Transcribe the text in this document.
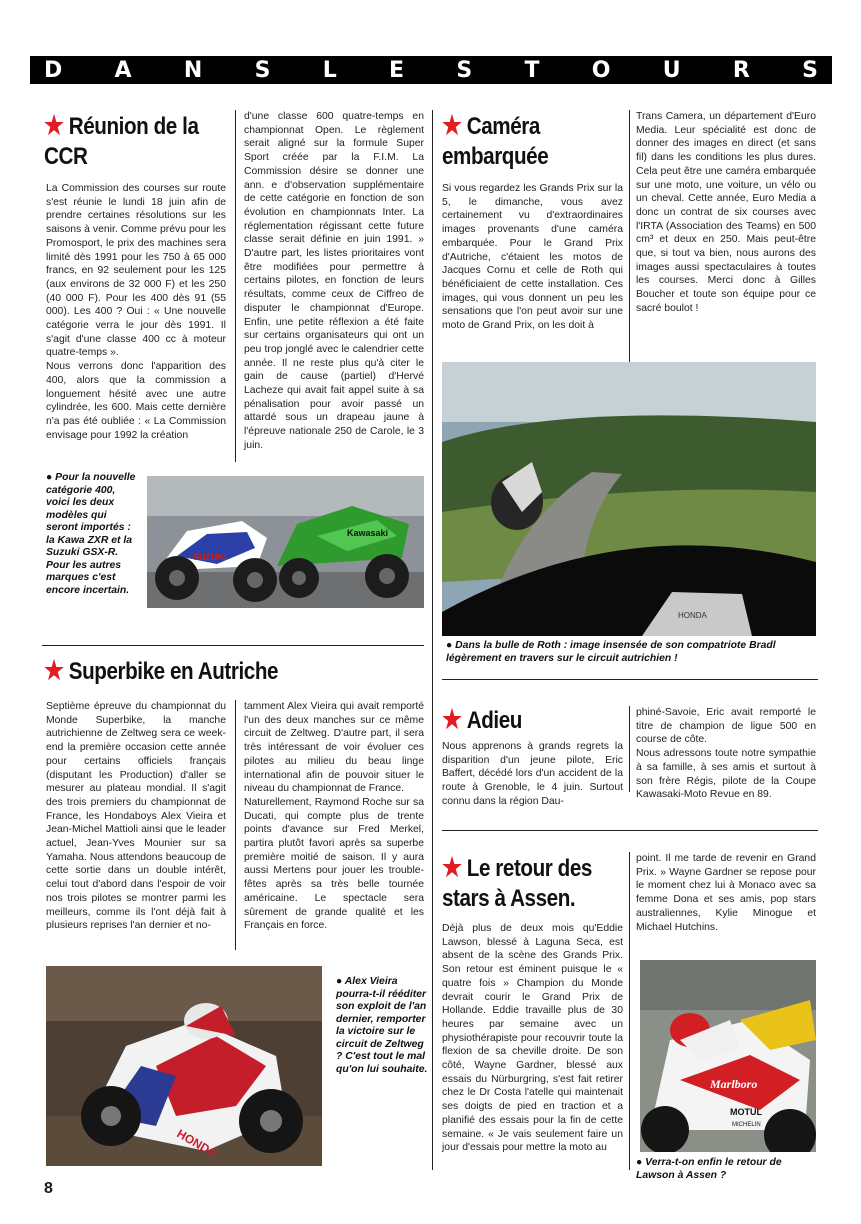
D A N S L E S T O U R S
★ Réunion de la
CCR

La Commission des courses sur route s'est réunie le lundi 18 juin afin de prendre certaines résolutions sur les saisons à venir. Comme prévu pour les Promosport, le prix des machines sera limité dès 1991 pour les 750 à 65 000 francs, en 92 seulement pour les 125 (aux environs de 32 000 F) et les 250 (40 000 F). Pour les 400 dès 91 (55 000). Les 400 ? Oui : « Une nouvelle catégorie verra le jour dès 1991. Il s'agit d'une classe 400 cc à moteur quatre-temps ».

Nous verrons donc l'apparition des 400, alors que la commission a longuement hésité avec une autre cylindrée, les 600. Mais cette dernière n'a pas été oubliée : « La Commission envisage pour 1992 la création

d'une classe 600 quatre-temps en championnat Open. Le règlement serait aligné sur la formule Super Sport créée par la F.I.M. La Commission désire se donner une ann. e d'observation supplémentaire de cette catégorie en fonction de son évolution en championnats Inter. La réglementation régissant cette future classe serait définie en juin 1991. » D'autre part, les listes prioritaires vont être modifiées pour permettre à certains pilotes, en fonction de leurs résultats, comme ceux de Ciffreo de disputer le championnat d'Europe. Enfin, une petite réflexion a été faite sur certains organisateurs qui ont un peu trop jonglé avec le calendrier cette année. Il ne reste plus qu'à citer le gain de cause (partiel) d'Hervé Lacheze qui avait fait appel suite à sa pénalisation pour avoir passé un attardé sous un drapeau jaune à l'épreuve nationale 250 de Carole, le 3 juin.

● Pour la nouvelle catégorie 400, voici les deux modèles qui seront importés : la Kawa ZXR et la Suzuki GSX-R. Pour les autres marques c'est encore incertain.
SUZUKI
Kawasaki
★ Caméra
embarquée

Si vous regardez les Grands Prix sur la 5, le dimanche, vous avez certainement vu d'extraordinaires images provenants d'une caméra embarquée. Pour le Grand Prix d'Autriche, c'étaient les motos de Jacques Cornu et celle de Roth qui bénéficiaient de cette installation. Ces images, qui vous donnent un peu les sensations que l'on peut avoir sur une moto de Grand Prix, on les doit à

Trans Camera, un département d'Euro Media. Leur spécialité est donc de donner des images en direct (et sans fil) dans les conditions les plus dures. Cela peut être une caméra embarquée sur une moto, une voiture, un vélo ou un cheval. Cette année, Euro Media a donc un contrat de six courses avec l'IRTA (Association des Teams) en 500 cm³ et deux en 250. Mais peut-être que, si tout va bien, nous aurons des images aussi spectaculaires à toutes les courses. Merci donc à Gilles Boucher et toute son équipe pour ce sacré boulot !

HONDA
● Dans la bulle de Roth : image insensée de son compatriote Bradl légèrement en travers sur le circuit autrichien !
★ Superbike en Autriche

Septième épreuve du championnat du Monde Superbike, la manche autrichienne de Zeltweg sera ce week-end la première occasion cette année pour certains officiels français (disputant les Production) d'aller se mesurer au plateau mondial. Il s'agit des trois premiers du championnat de France, les Hondaboys Alex Vieira et Jean-Michel Mattioli ainsi que le leader actuel, Jean-Yves Mounier sur sa Yamaha. Nous attendons beaucoup de cette sortie dans un double intérêt, celui tout d'abord dans l'espoir de voir nos trois pilotes se montrer parmi les meilleurs, comme ils l'ont déjà fait à plusieurs reprises l'an dernier et no-

tamment Alex Vieira qui avait remporté l'un des deux manches sur ce même circuit de Zeltweg. D'autre part, il sera très intéressant de voir évoluer ces pilotes au milieu du beau linge international afin de pouvoir situer le niveau du championnat de France.

Naturellement, Raymond Roche sur sa Ducati, qui compte plus de trente points d'avance sur Fred Merkel, partira plutôt favori après sa superbe première moitié de saison. Il y aura aussi Mertens pour jouer les trouble-fêtes après sa très belle tournée américaine. Le spectacle sera sûrement de grande qualité et les Français en force.

HONDA
● Alex Vieira pourra-t-il rééditer son exploit de l'an dernier, remporter la victoire sur le circuit de Zeltweg ? C'est tout le mal qu'on lui souhaite.
★ Adieu

Nous apprenons à grands regrets la disparition d'un jeune pilote, Eric Baffert, décédé lors d'un accident de la route à Grenoble, le 4 juin. Surtout connu dans la région Dau-

phiné-Savoie, Eric avait remporté le titre de champion de ligue 500 en course de côte.

Nous adressons toute notre sympathie à sa famille, à ses amis et surtout à son frère Régis, pilote de la Coupe Kawasaki-Moto Revue en 89.

★ Le retour des
stars à Assen.

Déjà plus de deux mois qu'Eddie Lawson, blessé à Laguna Seca, est absent de la scène des Grands Prix. Son retour est éminent puisque le « quatre fois » Champion du Monde devrait courir le Grand Prix de Hollande. Eddie travaille plus de 30 heures par semaine avec un physiothérapiste pour recouvrir toute la flexion de sa cheville droite. De son côté, Wayne Gardner, blessé aux essais du Nürburgring, s'est fait retirer chez le Dr Costa l'atelle qui maintenait ses doigts de pied en traction et a planifié des essais pour la fin de cette semaine. « Je vais seulement faire un jour d'essais pour mettre la moto au

point. Il me tarde de revenir en Grand Prix. » Wayne Gardner se repose pour le moment chez lui à Monaco avec sa femme Dona et ses amis, pop stars australiennes, Kylie Minogue et Michael Hutchins.

Marlboro
MOTUL
MICHELIN
● Verra-t-on enfin le retour de Lawson à Assen ?
8
